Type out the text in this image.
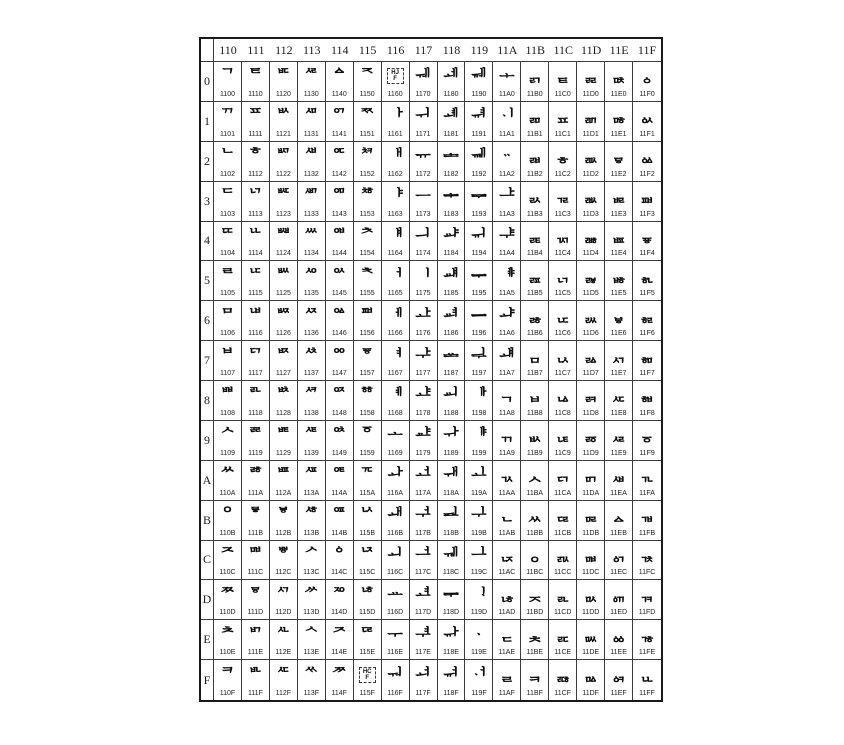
110 111 112 113 114 115 116 117 118 119 11A 11B 11C 11D 11E 11F
0 ᄀ
1100
ᄐ
1110
ᄠ
1120
ᄰ
1130
ᅀ
1140
ᅐ
1150
HJ
F
1160
ᅰ
1170
ᆀ
1180
ᆐ
1190
ᆠ
11A0
ᆰ
11B0
ᇀ
11C0
ᇐ
11D0
ᇠ
11E0
ᇰ
11F0
1 ᄁ
1101
ᄑ
1111
ᄡ
1121
ᄱ
1131
ᅁ
1141
ᅑ
1151
ᅡ
1161
ᅱ
1171
ᆁ
1181
ᆑ
1191
ᆡ
11A1
ᆱ
11B1
ᇁ
11C1
ᇑ
11D1
ᇡ
11E1
ᇱ
11F1
2 ᄂ
1102
ᄒ
1112
ᄢ
1122
ᄲ
1132
ᅂ
1142
ᅒ
1152
ᅢ
1162
ᅲ
1172
ᆂ
1182
ᆒ
1192
ᆢ
11A2
ᆲ
11B2
ᇂ
11C2
ᇒ
11D2
ᇢ
11E2
ᇲ
11F2
3 ᄃ
1103
ᄓ
1113
ᄣ
1123
ᄳ
1133
ᅃ
1143
ᅓ
1153
ᅣ
1163
ᅳ
1173
ᆃ
1183
ᆓ
1193
ᆣ
11A3
ᆳ
11B3
ᇃ
11C3
ᇓ
11D3
ᇣ
11E3
ᇳ
11F3
4 ᄄ
1104
ᄔ
1114
ᄤ
1124
ᄴ
1134
ᅄ
1144
ᅔ
1154
ᅤ
1164
ᅴ
1174
ᆄ
1184
ᆔ
1194
ᆤ
11A4
ᆴ
11B4
ᇄ
11C4
ᇔ
11D4
ᇤ
11E4
ᇴ
11F4
5 ᄅ
1105
ᄕ
1115
ᄥ
1125
ᄵ
1135
ᅅ
1145
ᅕ
1155
ᅥ
1165
ᅵ
1175
ᆅ
1185
ᆕ
1195
ᆥ
11A5
ᆵ
11B5
ᇅ
11C5
ᇕ
11D5
ᇥ
11E5
ᇵ
11F5
6 ᄆ
1106
ᄖ
1116
ᄦ
1126
ᄶ
1136
ᅆ
1146
ᅖ
1156
ᅦ
1166
ᅶ
1176
ᆆ
1186
ᆖ
1196
ᆦ
11A6
ᆶ
11B6
ᇆ
11C6
ᇖ
11D6
ᇦ
11E6
ᇶ
11F6
7 ᄇ
1107
ᄗ
1117
ᄧ
1127
ᄷ
1137
ᅇ
1147
ᅗ
1157
ᅧ
1167
ᅷ
1177
ᆇ
1187
ᆗ
1197
ᆧ
11A7
ᆷ
11B7
ᇇ
11C7
ᇗ
11D7
ᇧ
11E7
ᇷ
11F7
8 ᄈ
1108
ᄘ
1118
ᄨ
1128
ᄸ
1138
ᅈ
1148
ᅘ
1158
ᅨ
1168
ᅸ
1178
ᆈ
1188
ᆘ
1198
ᆨ
11A8
ᆸ
11B8
ᇈ
11C8
ᇘ
11D8
ᇨ
11E8
ᇸ
11F8
9 ᄉ
1109
ᄙ
1119
ᄩ
1129
ᄹ
1139
ᅉ
1149
ᅙ
1159
ᅩ
1169
ᅹ
1179
ᆉ
1189
ᆙ
1199
ᆩ
11A9
ᆹ
11B9
ᇉ
11C9
ᇙ
11D9
ᇩ
11E9
ᇹ
11F9
A ᄊ
110A
ᄚ
111A
ᄪ
112A
ᄺ
113A
ᅊ
114A
ᅚ
115A
ᅪ
116A
ᅺ
117A
ᆊ
118A
ᆚ
119A
ᆪ
11AA
ᆺ
11BA
ᇊ
11CA
ᇚ
11DA
ᇪ
11EA
ᇺ
11FA
B ᄋ
110B
ᄛ
111B
ᄫ
112B
ᄻ
113B
ᅋ
114B
ᅛ
115B
ᅫ
116B
ᅻ
117B
ᆋ
118B
ᆛ
119B
ᆫ
11AB
ᆻ
11BB
ᇋ
11CB
ᇛ
11DB
ᇫ
11EB
ᇻ
11FB
C ᄌ
110C
ᄜ
111C
ᄬ
112C
ᄼ
113C
ᅌ
114C
ᅜ
115C
ᅬ
116C
ᅼ
117C
ᆌ
118C
ᆜ
119C
ᆬ
11AC
ᆼ
11BC
ᇌ
11CC
ᇜ
11DC
ᇬ
11EC
ᇼ
11FC
D ᄍ
110D
ᄝ
111D
ᄭ
112D
ᄽ
113D
ᅍ
114D
ᅝ
115D
ᅭ
116D
ᅽ
117D
ᆍ
118D
ᆝ
119D
ᆭ
11AD
ᆽ
11BD
ᇍ
11CD
ᇝ
11DD
ᇭ
11ED
ᇽ
11FD
E ᄎ
110E
ᄞ
111E
ᄮ
112E
ᄾ
113E
ᅎ
114E
ᅞ
115E
ᅮ
116E
ᅾ
117E
ᆎ
118E
ᆞ
119E
ᆮ
11AE
ᆾ
11BE
ᇎ
11CE
ᇞ
11DE
ᇮ
11EE
ᇾ
11FE
F ᄏ
110F
ᄟ
111F
ᄯ
112F
ᄿ
113F
ᅏ
114F
HC
F
115F
ᅯ
116F
ᅿ
117F
ᆏ
118F
ᆟ
119F
ᆯ
11AF
ᆿ
11BF
ᇏ
11CF
ᇟ
11DF
ᇯ
11EF
ᇿ
11FF
